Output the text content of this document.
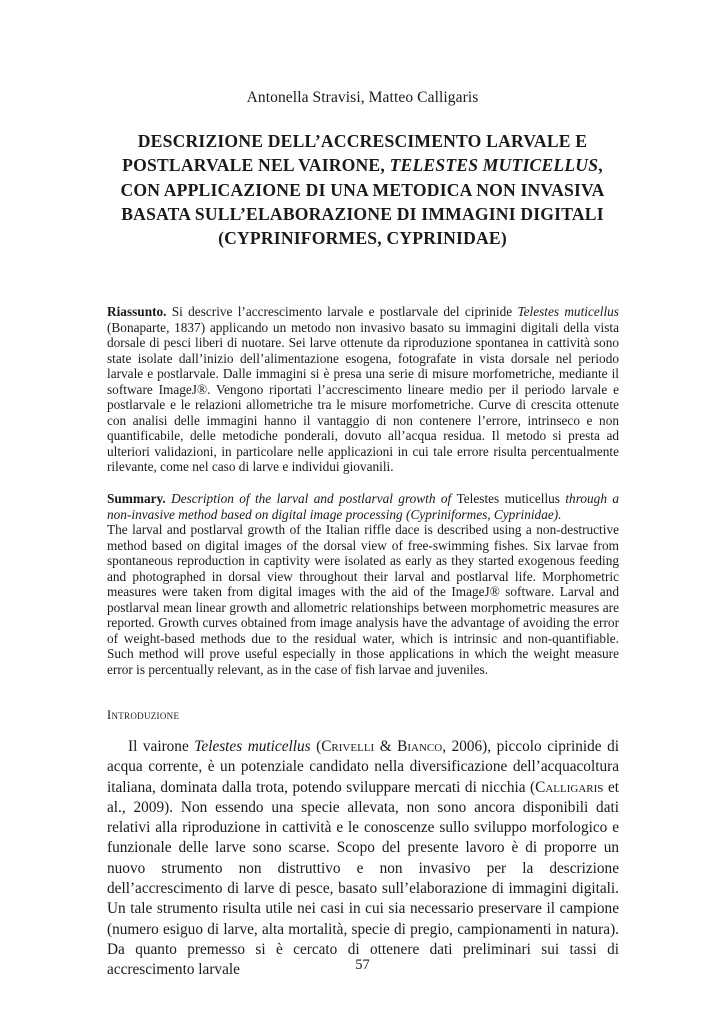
Antonella Stravisi, Matteo Calligaris
DESCRIZIONE DELL’ACCRESCIMENTO LARVALE E
POSTLARVALE NEL VAIRONE, TELESTES MUTICELLUS,
CON APPLICAZIONE DI UNA METODICA NON INVASIVA
BASATA SULL’ELABORAZIONE DI IMMAGINI DIGITALI
(CYPRINIFORMES, CYPRINIDAE)
Riassunto. Si descrive l’accrescimento larvale e postlarvale del ciprinide Telestes muticellus (Bonaparte, 1837) applicando un metodo non invasivo basato su immagini digitali della vista dorsale di pesci liberi di nuotare. Sei larve ottenute da riproduzione spontanea in cattività sono state isolate dall’inizio dell’alimentazione esogena, fotografate in vista dorsale nel periodo larvale e postlarvale. Dalle immagini si è presa una serie di misure morfometriche, mediante il software ImageJ®. Vengono riportati l’accrescimento lineare medio per il periodo larvale e postlarvale e le relazioni allometriche tra le misure morfometriche. Curve di crescita ottenute con analisi delle immagini hanno il vantaggio di non contenere l’errore, intrinseco e non quantificabile, delle metodiche ponderali, dovuto all’acqua residua. Il metodo si presta ad ulteriori validazioni, in particolare nelle applicazioni in cui tale errore risulta percentualmente rilevante, come nel caso di larve e individui giovanili.
Summary. Description of the larval and postlarval growth of Telestes muticellus through a non-invasive method based on digital image processing (Cypriniformes, Cyprinidae).
The larval and postlarval growth of the Italian riffle dace is described using a non-destructive method based on digital images of the dorsal view of free-swimming fishes. Six larvae from spontaneous reproduction in captivity were isolated as early as they started exogenous feeding and photographed in dorsal view throughout their larval and postlarval life. Morphometric measures were taken from digital images with the aid of the ImageJ® software. Larval and postlarval mean linear growth and allometric relationships between morphometric measures are reported. Growth curves obtained from image analysis have the advantage of avoiding the error of weight-based methods due to the residual water, which is intrinsic and non-quantifiable. Such method will prove useful especially in those applications in which the weight measure error is percentually relevant, as in the case of fish larvae and juveniles.
Introduzione
Il vairone Telestes muticellus (Crivelli & Bianco, 2006), piccolo ciprinide di acqua corrente, è un potenziale candidato nella diversificazione dell’acquacoltura italiana, dominata dalla trota, potendo sviluppare mercati di nicchia (Calligaris et al., 2009). Non essendo una specie allevata, non sono ancora disponibili dati relativi alla riproduzione in cattività e le conoscenze sullo sviluppo morfologico e funzionale delle larve sono scarse. Scopo del presente lavoro è di proporre un nuovo strumento non distruttivo e non invasivo per la descrizione dell’accrescimento di larve di pesce, basato sull’elaborazione di immagini digitali. Un tale strumento risulta utile nei casi in cui sia necessario preservare il campione (numero esiguo di larve, alta mortalità, specie di pregio, campionamenti in natura). Da quanto premesso si è cercato di ottenere dati preliminari sui tassi di accrescimento larvale	57
